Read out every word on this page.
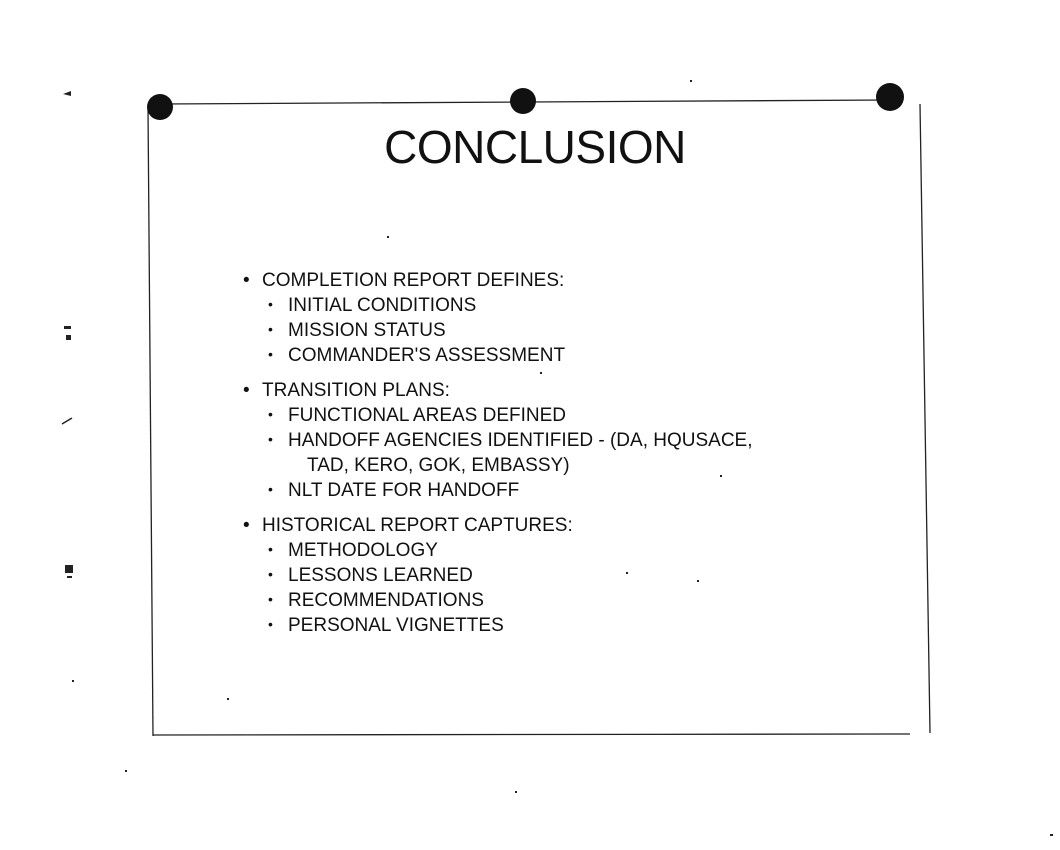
CONCLUSION
• COMPLETION REPORT DEFINES:
• INITIAL CONDITIONS
• MISSION STATUS
• COMMANDER'S ASSESSMENT
• TRANSITION PLANS:
• FUNCTIONAL AREAS DEFINED
• HANDOFF AGENCIES IDENTIFIED - (DA, HQUSACE,
TAD, KERO, GOK, EMBASSY)
• NLT DATE FOR HANDOFF
• HISTORICAL REPORT CAPTURES:
• METHODOLOGY
• LESSONS LEARNED
• RECOMMENDATIONS
• PERSONAL VIGNETTES
